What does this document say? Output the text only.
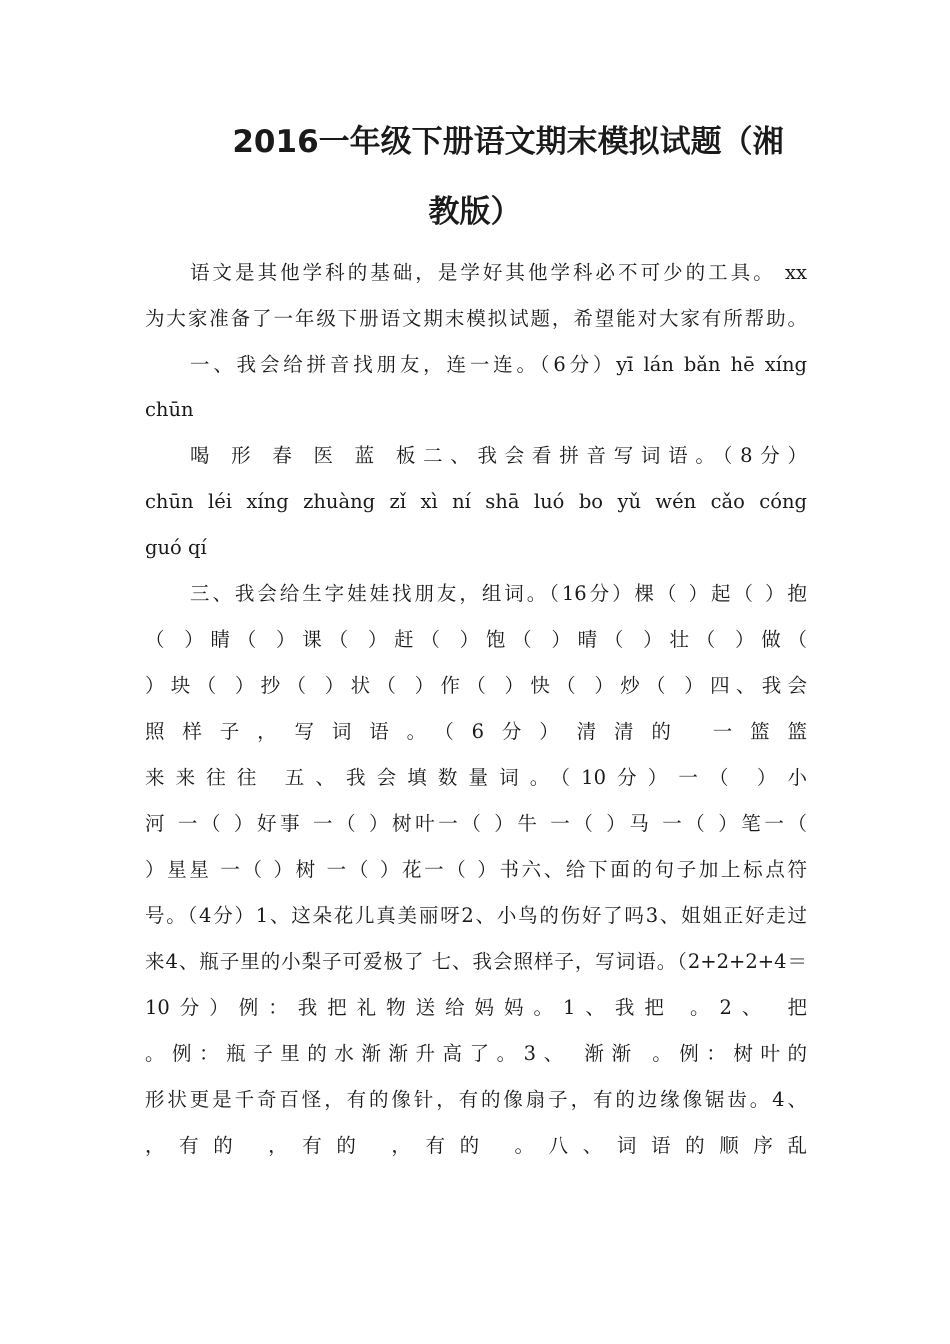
2016一年级下册语文期末模拟试题（湘
教版）
语文是其他学科的基础，是学好其他学科必不可少的工具。 xx
为大家准备了一年级下册语文期末模拟试题，希望能对大家有所帮助。
一、我会给拼音找朋友，连一连。（6分）yī lán bǎn hē xíng
chūn
喝 形 春 医 蓝 板二、我会看拼音写词语。（8分）
chūn léi xíng zhuàng zǐ xì ní shā luó bo yǔ wén cǎo cóng
guó qí
三、我会给生字娃娃找朋友，组词。（16分）棵（ ）起（ ）抱
（ ）睛（ ）课（ ）赶（ ）饱（ ）晴（ ）壮（ ）做（
）块（ ）抄（ ）状（ ）作（ ）快（ ）炒（ ）四、我会
照样子，写词语。（6分）清清的 一篮篮
来来往往 五、我会填数量词。（10分）一（ ）小
河 一（ ）好事 一（ ）树叶一（ ）牛 一（ ）马 一（ ）笔一（
）星星 一（ ）树 一（ ）花一（ ）书六、给下面的句子加上标点符
号。（4分）1、这朵花儿真美丽呀2、小鸟的伤好了吗3、姐姐正好走过
来4、瓶子里的小梨子可爱极了 七、我会照样子，写词语。（2+2+2+4＝
10分）例：我把礼物送给妈妈。1、我把 。2、 把
。例：瓶子里的水渐渐升高了。3、 渐渐 。例：树叶的
形状更是千奇百怪，有的像针，有的像扇子，有的边缘像锯齿。4、
，有的 ，有的 ，有的 。八、词语的顺序乱
